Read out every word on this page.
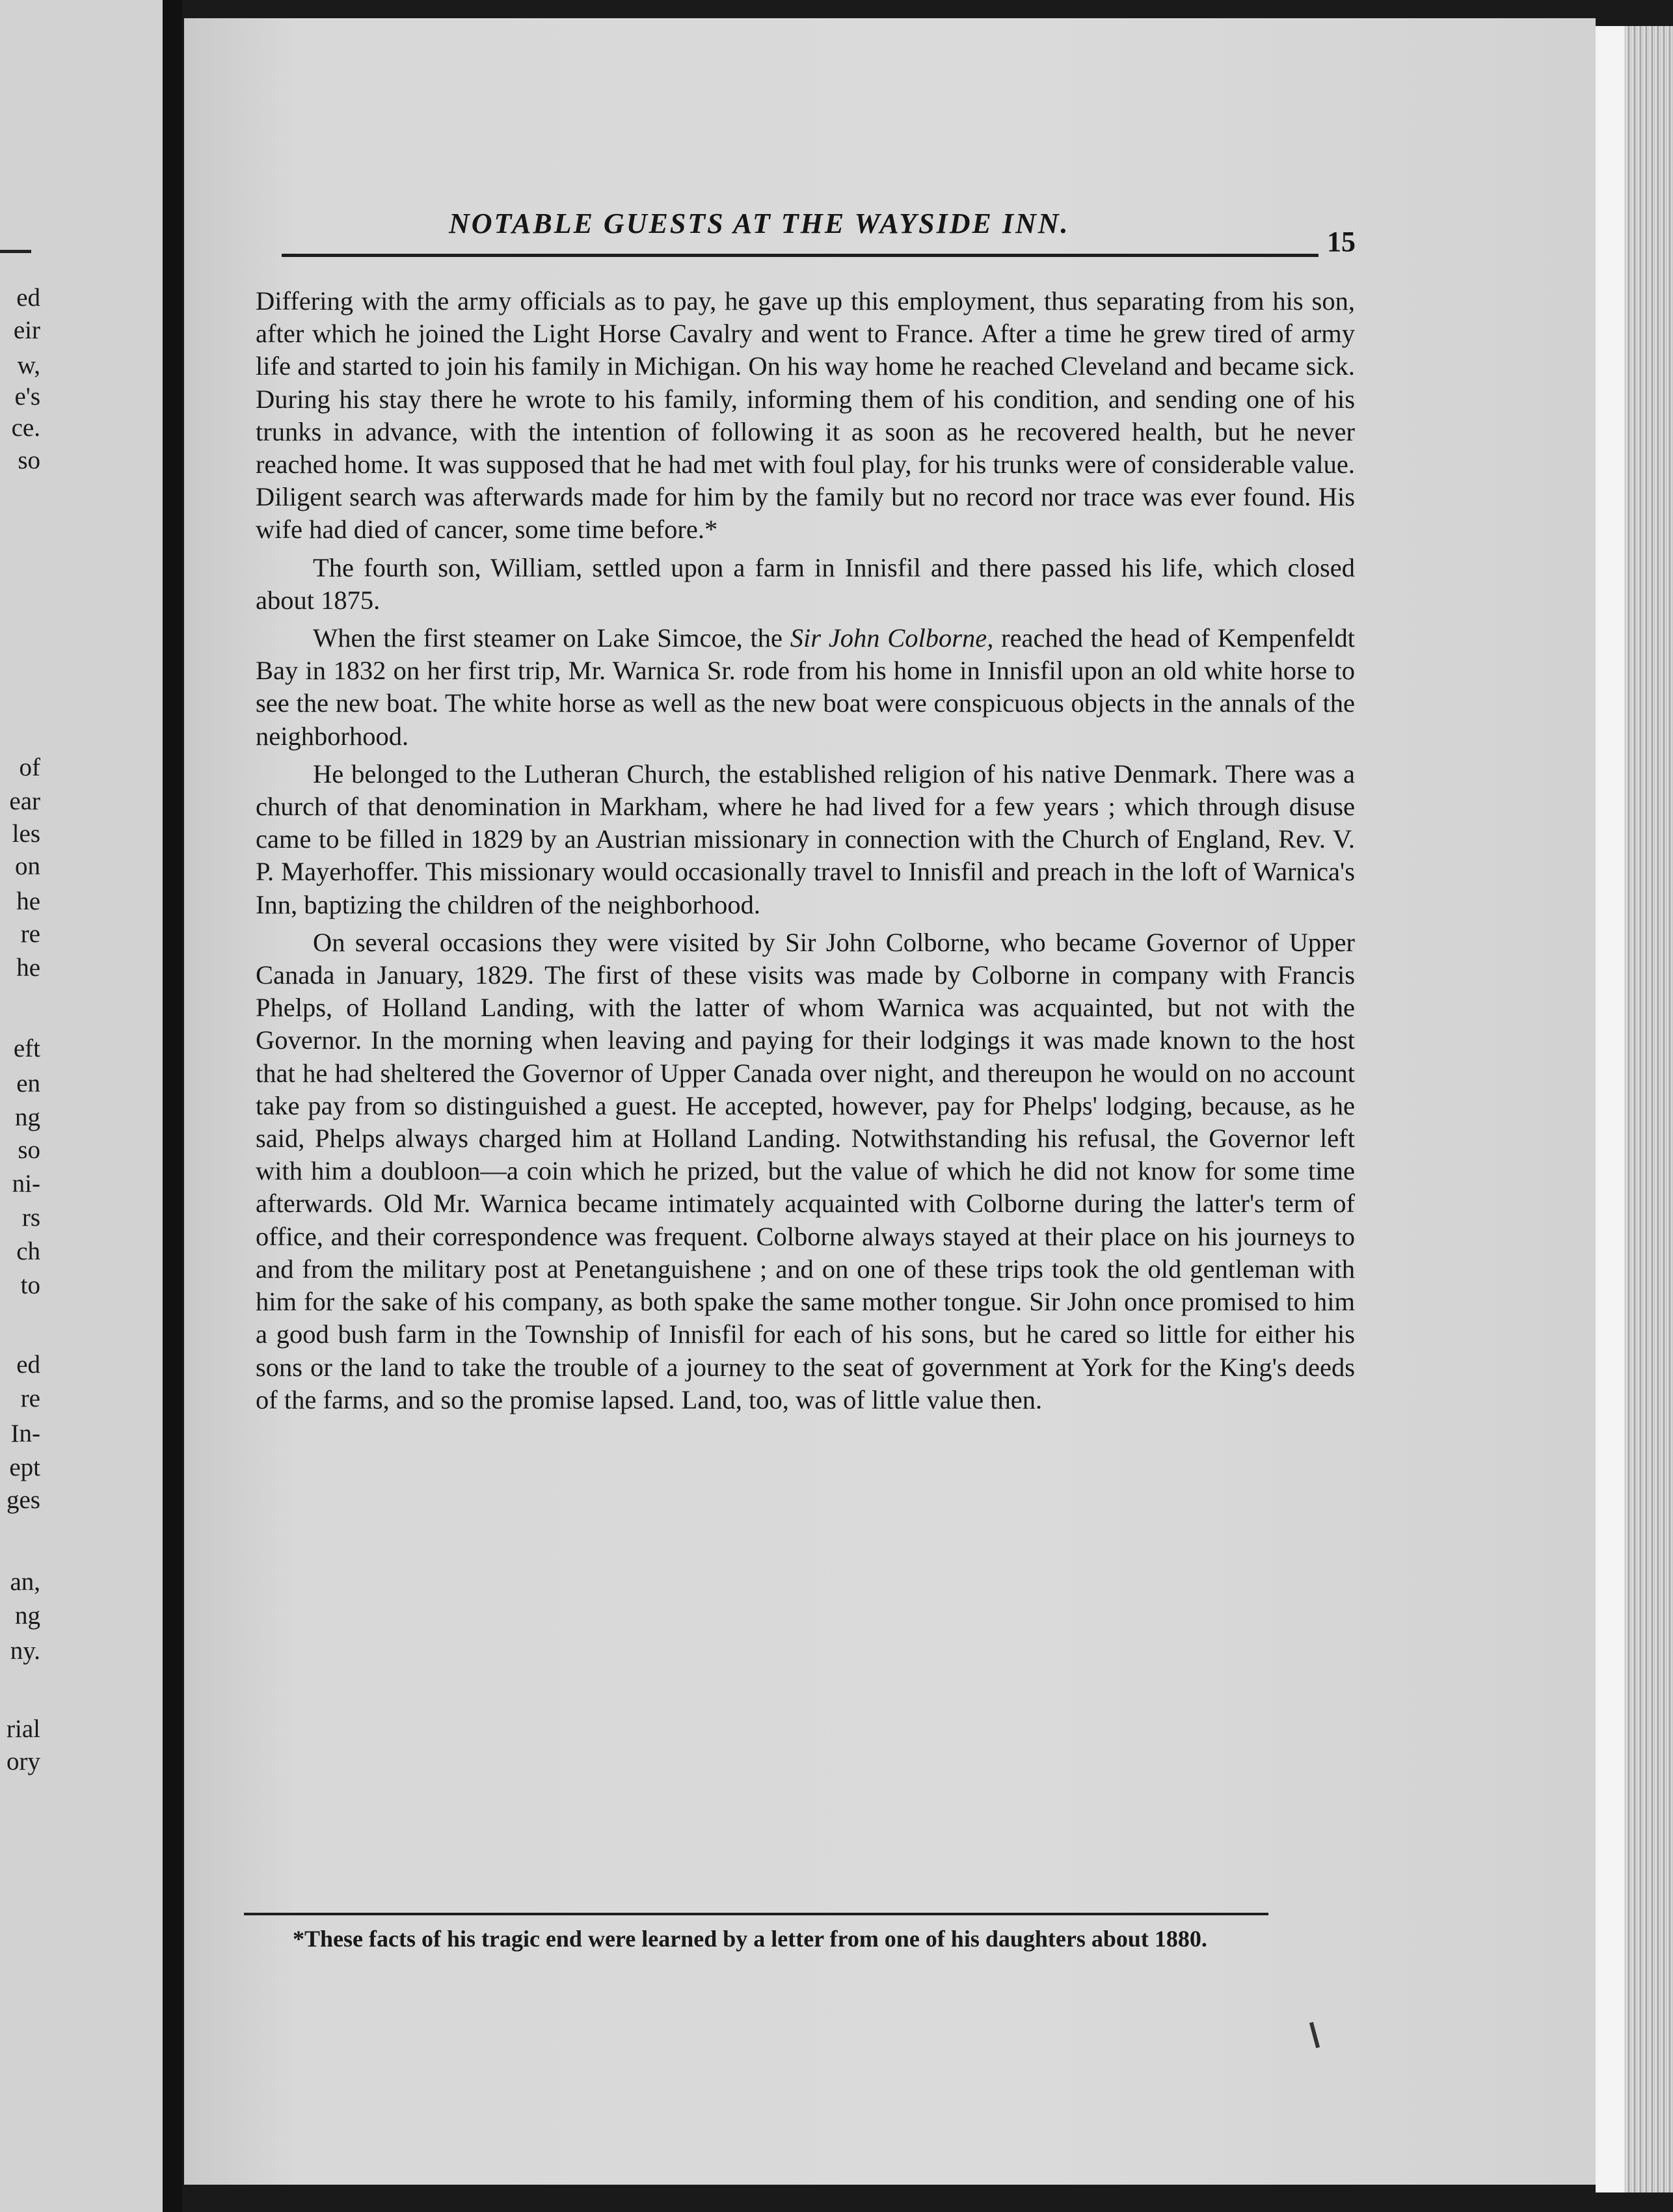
ed
eir
w,
e's
ce.
so
of
ear
les
on
he
re
he
eft
en
ng
so
ni-
rs
ch
to
ed
re
In-
ept
ges
an,
ng
ny.
rial
ory
NOTABLE GUESTS AT THE WAYSIDE INN.
15

Differing with the army officials as to pay, he gave up this employment, thus separating from his son, after which he joined the Light Horse Cavalry and went to France. After a time he grew tired of army life and started to join his family in Michigan. On his way home he reached Cleveland and became sick. During his stay there he wrote to his family, informing them of his condition, and sending one of his trunks in advance, with the intention of following it as soon as he recovered health, but he never reached home. It was supposed that he had met with foul play, for his trunks were of considerable value. Diligent search was afterwards made for him by the family but no record nor trace was ever found. His wife had died of cancer, some time before.*

The fourth son, William, settled upon a farm in Innisfil and there passed his life, which closed about 1875.

When the first steamer on Lake Simcoe, the Sir John Colborne, reached the head of Kempenfeldt Bay in 1832 on her first trip, Mr. Warnica Sr. rode from his home in Innisfil upon an old white horse to see the new boat. The white horse as well as the new boat were conspicuous objects in the annals of the neighborhood.

He belonged to the Lutheran Church, the established religion of his native Denmark. There was a church of that denomination in Markham, where he had lived for a few years ; which through disuse came to be filled in 1829 by an Austrian missionary in connection with the Church of England, Rev. V. P. Mayerhoffer. This missionary would occasionally travel to Innisfil and preach in the loft of Warnica's Inn, baptizing the children of the neighborhood.

On several occasions they were visited by Sir John Colborne, who became Governor of Upper Canada in January, 1829. The first of these visits was made by Colborne in company with Francis Phelps, of Holland Landing, with the latter of whom Warnica was acquainted, but not with the Governor. In the morning when leaving and paying for their lodgings it was made known to the host that he had sheltered the Governor of Upper Canada over night, and thereupon he would on no account take pay from so distinguished a guest. He accepted, however, pay for Phelps' lodging, because, as he said, Phelps always charged him at Holland Landing. Notwithstanding his refusal, the Governor left with him a doubloon—a coin which he prized, but the value of which he did not know for some time afterwards. Old Mr. Warnica became intimately acquainted with Colborne during the latter's term of office, and their correspondence was frequent. Colborne always stayed at their place on his journeys to and from the military post at Penetanguishene ; and on one of these trips took the old gentleman with him for the sake of his company, as both spake the same mother tongue. Sir John once promised to him a good bush farm in the Township of Innisfil for each of his sons, but he cared so little for either his sons or the land to take the trouble of a journey to the seat of government at York for the King's deeds of the farms, and so the promise lapsed. Land, too, was of little value then.

*These facts of his tragic end were learned by a letter from one of his daughters about 1880.
